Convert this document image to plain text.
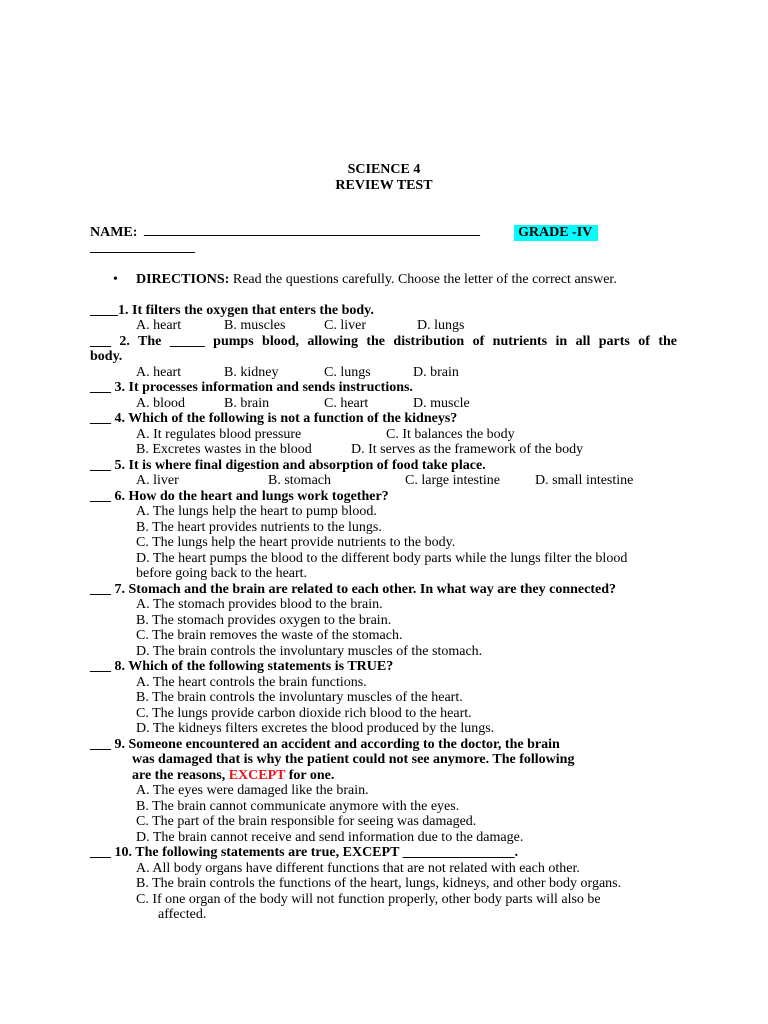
SCIENCE 4
REVIEW TEST
NAME: ________________________________________________	GRADE -IV
_______________
• DIRECTIONS: Read the questions carefully. Choose the letter of the correct answer.
____1. It filters the oxygen that enters the body.
A. heart	B. muscles	C. liver	D. lungs
___ 2. The _____ pumps blood, allowing the distribution of nutrients in all parts of the
body.
A. heart	B. kidney	C. lungs	D. brain
___ 3. It processes information and sends instructions.
A. blood	B. brain	C. heart	D. muscle
___ 4. Which of the following is not a function of the kidneys?
A. It regulates blood pressure	C. It balances the body
B. Excretes wastes in the blood	D. It serves as the framework of the body
___ 5. It is where final digestion and absorption of food take place.
A. liver	B. stomach	C. large intestine	D. small intestine
___ 6. How do the heart and lungs work together?
A. The lungs help the heart to pump blood.
B. The heart provides nutrients to the lungs.
C. The lungs help the heart provide nutrients to the body.
D. The heart pumps the blood to the different body parts while the lungs filter the blood
before going back to the heart.
___ 7. Stomach and the brain are related to each other. In what way are they connected?
A. The stomach provides blood to the brain.
B. The stomach provides oxygen to the brain.
C. The brain removes the waste of the stomach.
D. The brain controls the involuntary muscles of the stomach.
___ 8. Which of the following statements is TRUE?
A. The heart controls the brain functions.
B. The brain controls the involuntary muscles of the heart.
C. The lungs provide carbon dioxide rich blood to the heart.
D. The kidneys filters excretes the blood produced by the lungs.
___ 9. Someone encountered an accident and according to the doctor, the brain
was damaged that is why the patient could not see anymore. The following
are the reasons, EXCEPT for one.
A. The eyes were damaged like the brain.
B. The brain cannot communicate anymore with the eyes.
C. The part of the brain responsible for seeing was damaged.
D. The brain cannot receive and send information due to the damage.
___ 10. The following statements are true, EXCEPT ________________.
A. All body organs have different functions that are not related with each other.
B. The brain controls the functions of the heart, lungs, kidneys, and other body organs.
C. If one organ of the body will not function properly, other body parts will also be
affected.
